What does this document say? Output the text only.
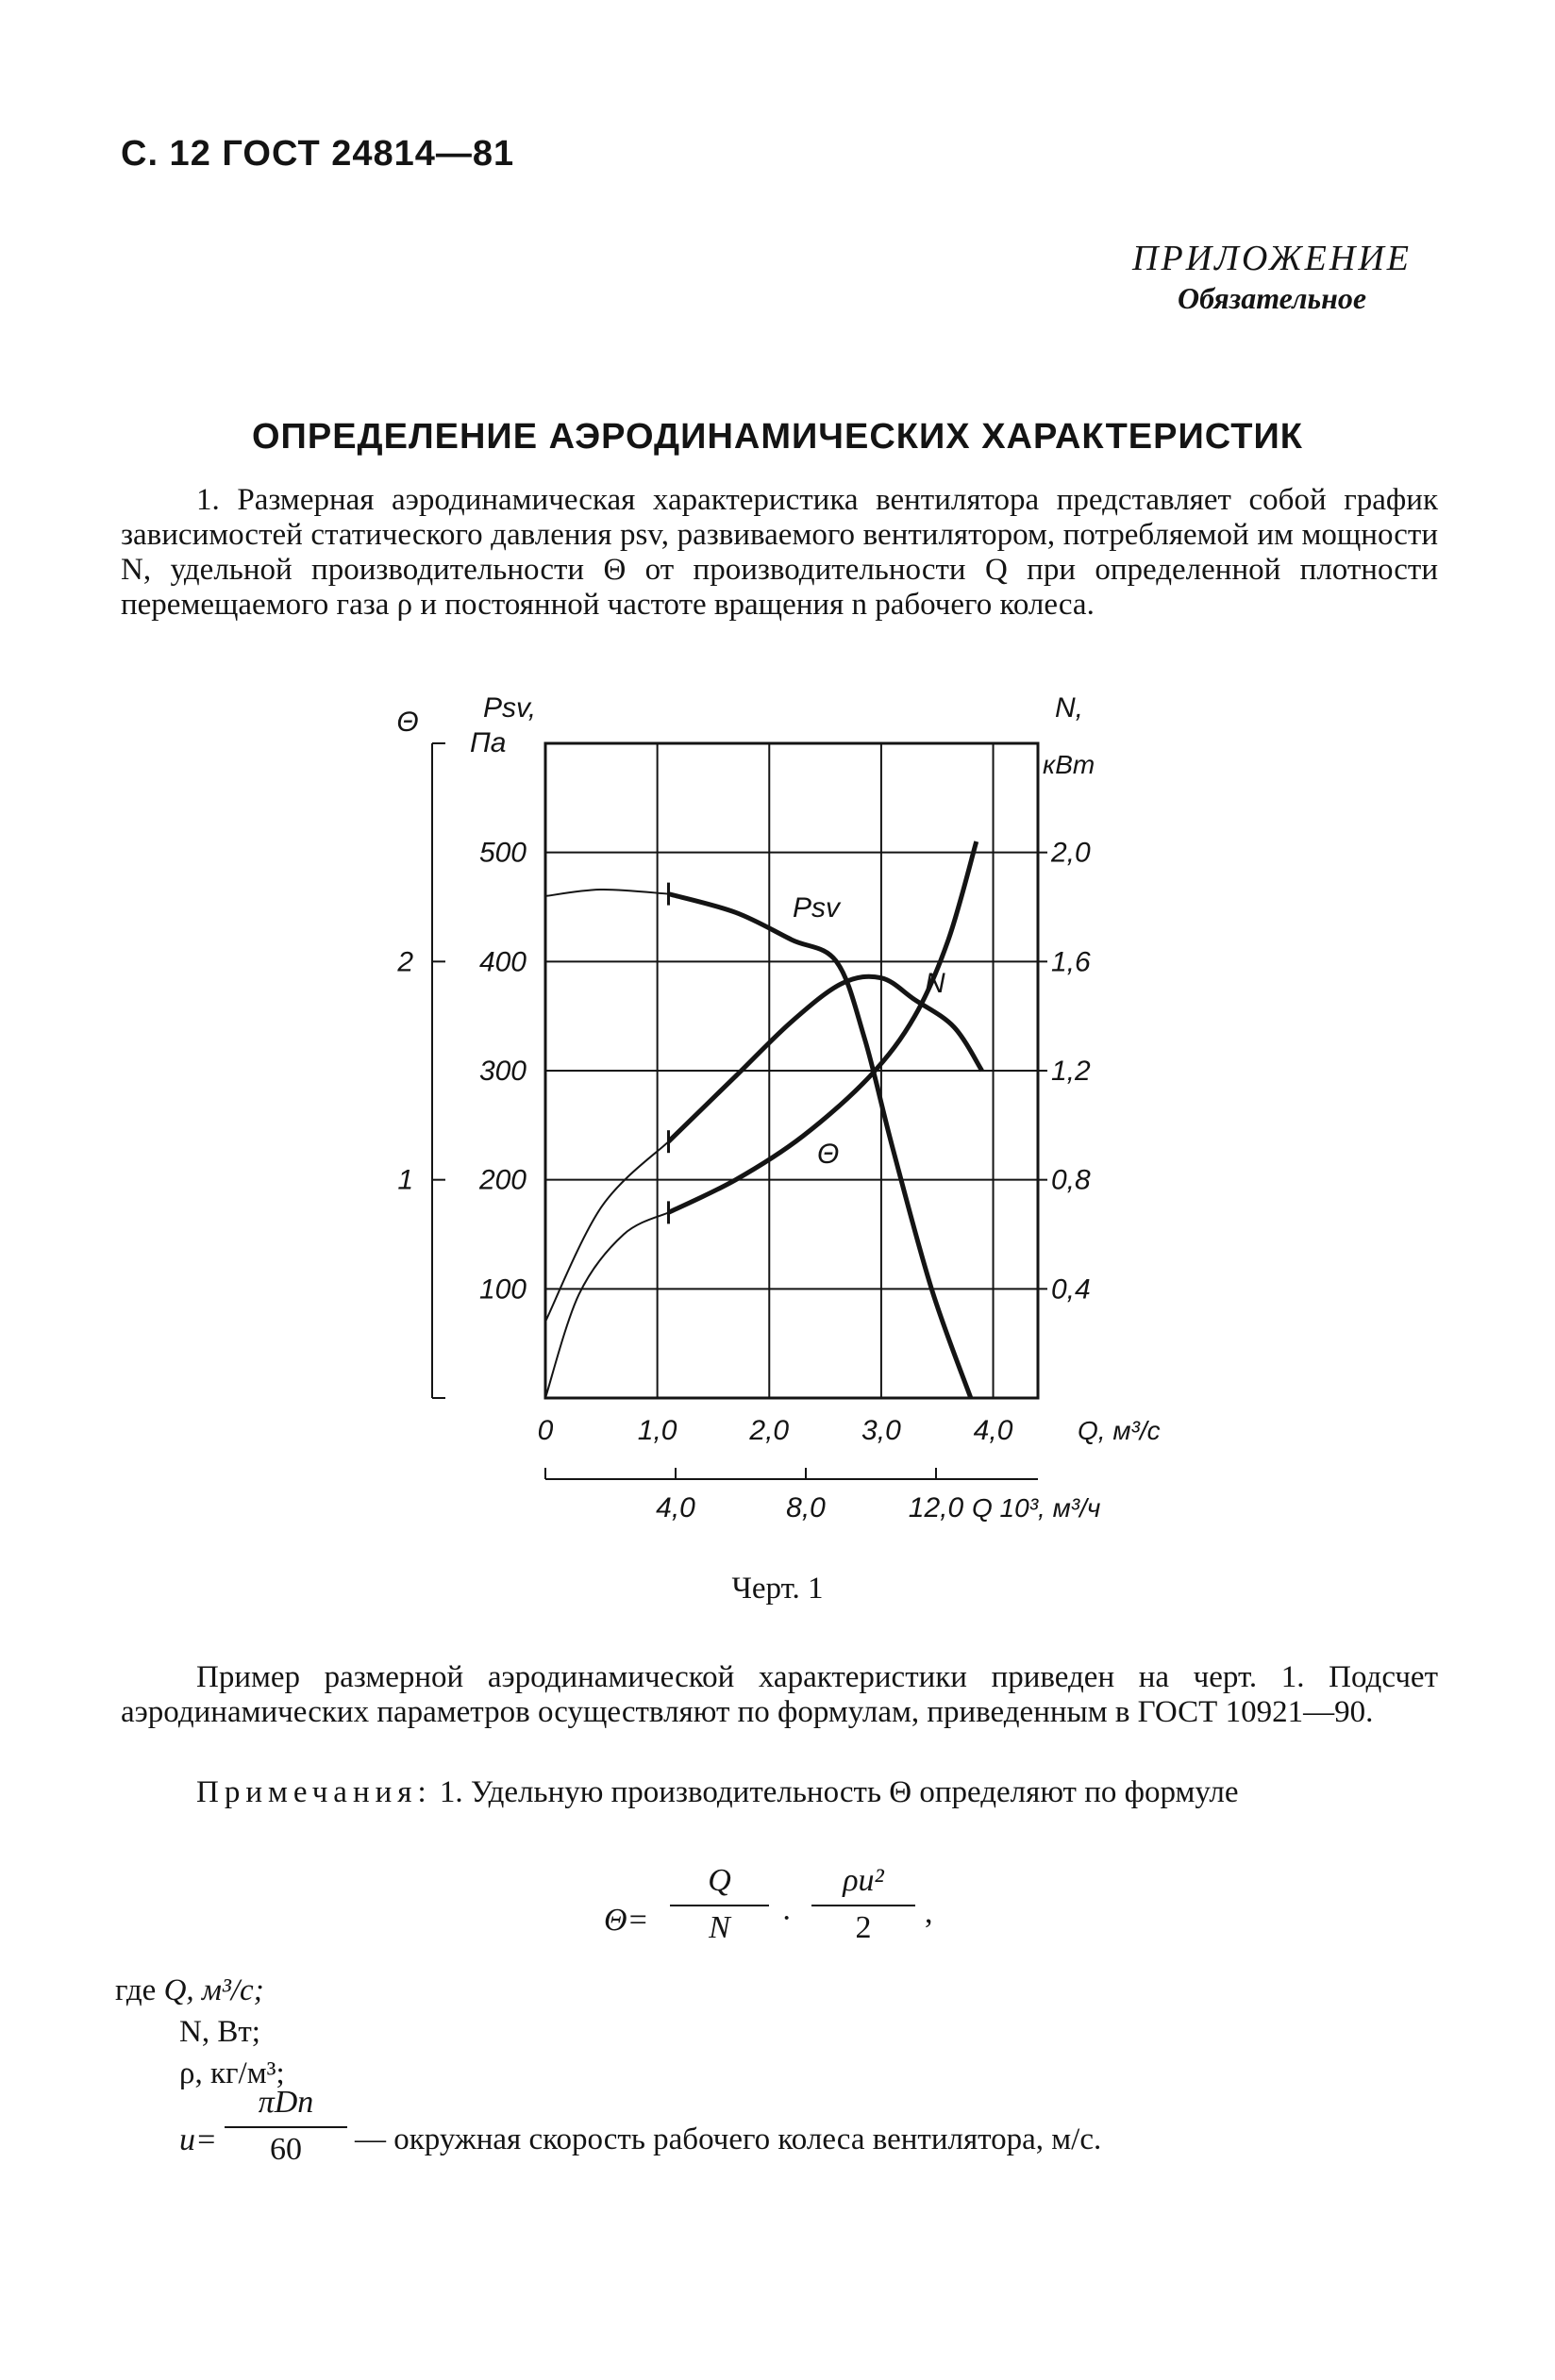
С. 12 ГОСТ 24814—81
ПРИЛОЖЕНИЕ
Обязательное
ОПРЕДЕЛЕНИЕ АЭРОДИНАМИЧЕСКИХ ХАРАКТЕРИСТИК
1. Размерная аэродинамическая характеристика вентилятора представляет собой график зависимостей статического давления psv, развиваемого вентилятором, потребляемой им мощности N, удельной производительности Θ от производительности Q при определенной плотности перемещаемого газа ρ и постоянной частоте вращения n рабочего колеса.
0	1,0	2,0	3,0	4,0 Q, м³/с
4,0	8,0	12,0 Q 10³, м³/ч
100
200
300
400
500
0,4
0,8
1,2
1,6
2,0
1
2
Psv,
Па
N,
кВт
Θ
Psv
N
Θ
Черт. 1
Пример размерной аэродинамической характеристики приведен на черт. 1. Подсчет аэродинамических параметров осуществляют по формулам, приведенным в ГОСТ 10921—90.
Примечания: 1. Удельную производительность Θ определяют по формуле
Θ=
Q
N	·
ρu²
2	,
где Q, м³/с;
N, Вт;
ρ, кг/м³;
u=
πDn
60	— окружная скорость рабочего колеса вентилятора, м/с.
